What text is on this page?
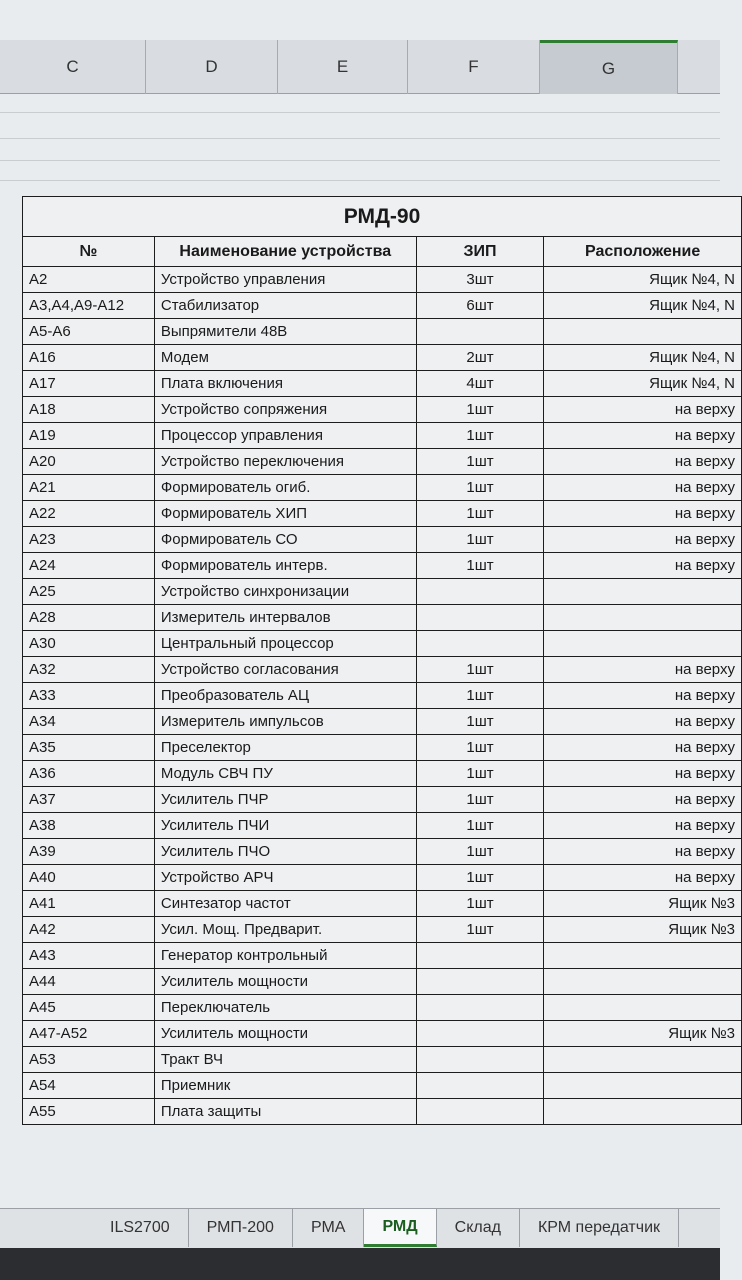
C	D	E	F	G
РМД-90			
№	Наименование устройства	ЗИП	Расположение
A2	Устройство управления	3шт	Ящик №4, N
A3,A4,A9-A12	Стабилизатор	6шт	Ящик №4, N
A5-A6	Выпрямители 48В		
A16	Модем	2шт	Ящик №4, N
A17	Плата включения	4шт	Ящик №4, N
A18	Устройство сопряжения	1шт	на верху
A19	Процессор управления	1шт	на верху
A20	Устройство переключения	1шт	на верху
A21	Формирователь огиб.	1шт	на верху
A22	Формирователь ХИП	1шт	на верху
A23	Формирователь СО	1шт	на верху
A24	Формирователь интерв.	1шт	на верху
A25	Устройство синхронизации		
A28	Измеритель интервалов		
A30	Центральный процессор		
A32	Устройство согласования	1шт	на верху
A33	Преобразователь АЦ	1шт	на верху
A34	Измеритель импульсов	1шт	на верху
A35	Преселектор	1шт	на верху
A36	Модуль СВЧ ПУ	1шт	на верху
A37	Усилитель ПЧР	1шт	на верху
A38	Усилитель ПЧИ	1шт	на верху
A39	Усилитель ПЧО	1шт	на верху
A40	Устройство АРЧ	1шт	на верху
A41	Синтезатор частот	1шт	Ящик №3
A42	Усил. Мощ. Предварит.	1шт	Ящик №3
A43	Генератор контрольный		
A44	Усилитель мощности		
A45	Переключатель		
A47-A52	Усилитель мощности		Ящик №3
A53	Тракт ВЧ		
A54	Приемник		
A55	Плата защиты		
ILS2700	РМП-200	РМА	РМД	Склад	КРМ передатчик
